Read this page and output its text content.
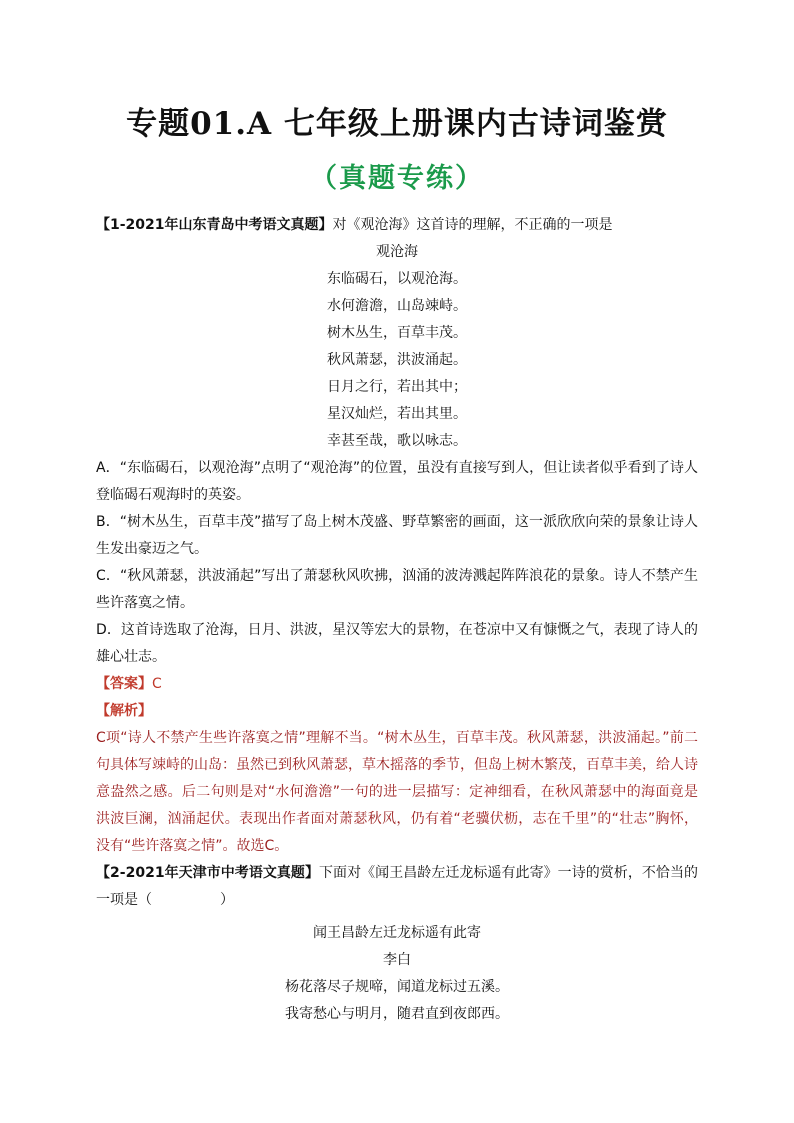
专题01.A 七年级上册课内古诗词鉴赏
（真题专练）

【1-2021年山东青岛中考语文真题】对《观沧海》这首诗的理解，不正确的一项是

观沧海

东临碣石，以观沧海。

水何澹澹，山岛竦峙。

树木丛生，百草丰茂。

秋风萧瑟，洪波涌起。

日月之行，若出其中；

星汉灿烂，若出其里。

幸甚至哉，歌以咏志。

A．“东临碣石，以观沧海”点明了“观沧海”的位置，虽没有直接写到人，但让读者似乎看到了诗人登临碣石观海时的英姿。

B．“树木丛生，百草丰茂”描写了岛上树木茂盛、野草繁密的画面，这一派欣欣向荣的景象让诗人生发出豪迈之气。

C．“秋风萧瑟，洪波涌起”写出了萧瑟秋风吹拂，汹涌的波涛溅起阵阵浪花的景象。诗人不禁产生些许落寞之情。

D．这首诗选取了沧海，日月、洪波，星汉等宏大的景物，在苍凉中又有慷慨之气，表现了诗人的雄心壮志。

【答案】C

【解析】

C项“诗人不禁产生些许落寞之情”理解不当。“树木丛生，百草丰茂。秋风萧瑟，洪波涌起。”前二句具体写竦峙的山岛：虽然已到秋风萧瑟，草木摇落的季节，但岛上树木繁茂，百草丰美，给人诗意盎然之感。后二句则是对“水何澹澹”一句的进一层描写：定神细看，在秋风萧瑟中的海面竟是洪波巨澜，汹涌起伏。表现出作者面对萧瑟秋风，仍有着“老骥伏枥，志在千里”的“壮志”胸怀，没有“些许落寞之情”。故选C。

【2-2021年天津市中考语文真题】下面对《闻王昌龄左迁龙标遥有此寄》一诗的赏析，不恰当的一项是（	）

闻王昌龄左迁龙标遥有此寄

李白

杨花落尽子规啼，闻道龙标过五溪。

我寄愁心与明月，随君直到夜郎西。
